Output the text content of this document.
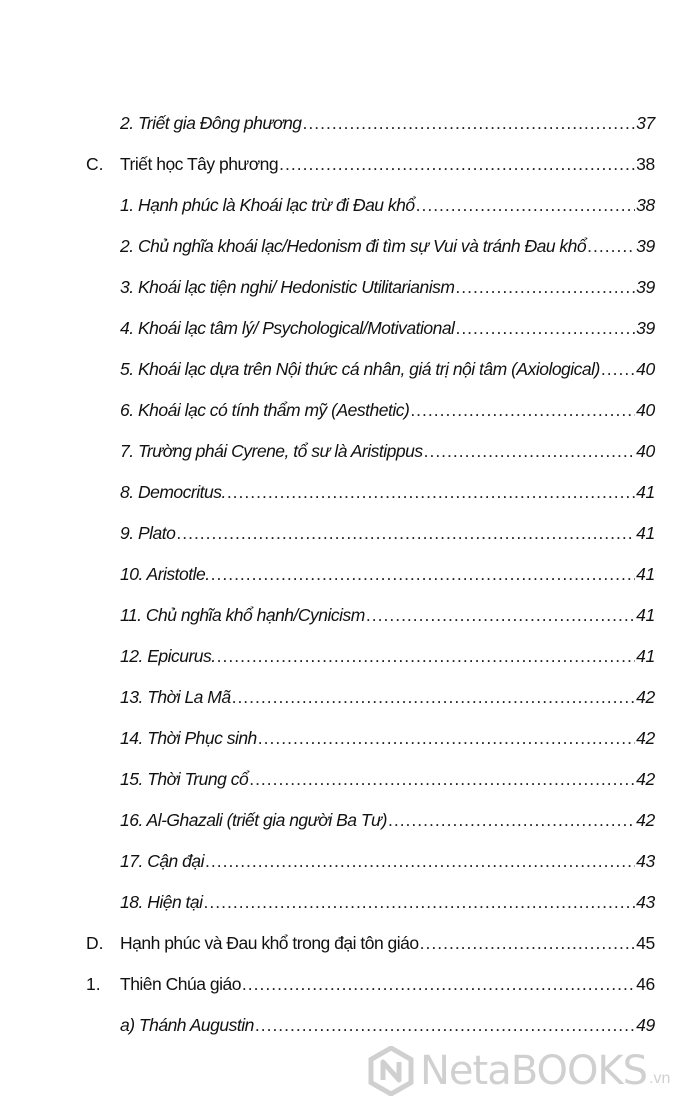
2. Triết gia Đông phương .....	37
C. Triết học Tây phương .....	38
1. Hạnh phúc là Khoái lạc trừ đi Đau khổ .....	38
2. Chủ nghĩa khoái lạc/Hedonism đi tìm sự Vui và tránh Đau khổ .....	39
3. Khoái lạc tiện nghi/ Hedonistic Utilitarianism .....	39
4. Khoái lạc tâm lý/ Psychological/Motivational .....	39
5. Khoái lạc dựa trên Nội thức cá nhân, giá trị nội tâm (Axiological) ..... 40
6. Khoái lạc có tính thẩm mỹ (Aesthetic) .....	40
7. Trường phái Cyrene, tổ sư là Aristippus .....	40
8. Democritus. .....	41
9. Plato .....	41
10. Aristotle. .....	41
11. Chủ nghĩa khổ hạnh/Cynicism .....	41
12. Epicurus. .....	41
13. Thời La Mã .....	42
14. Thời Phục sinh .....	42
15. Thời Trung cổ .....	42
16. Al-Ghazali (triết gia người Ba Tư) .....	42
17. Cận đại .....	43
18. Hiện tại .....	43
D. Hạnh phúc và Đau khổ trong đại tôn giáo .....	45
1.	Thiên Chúa giáo .....	46
a) Thánh Augustin .....	49
NetaBOOKS .vn
